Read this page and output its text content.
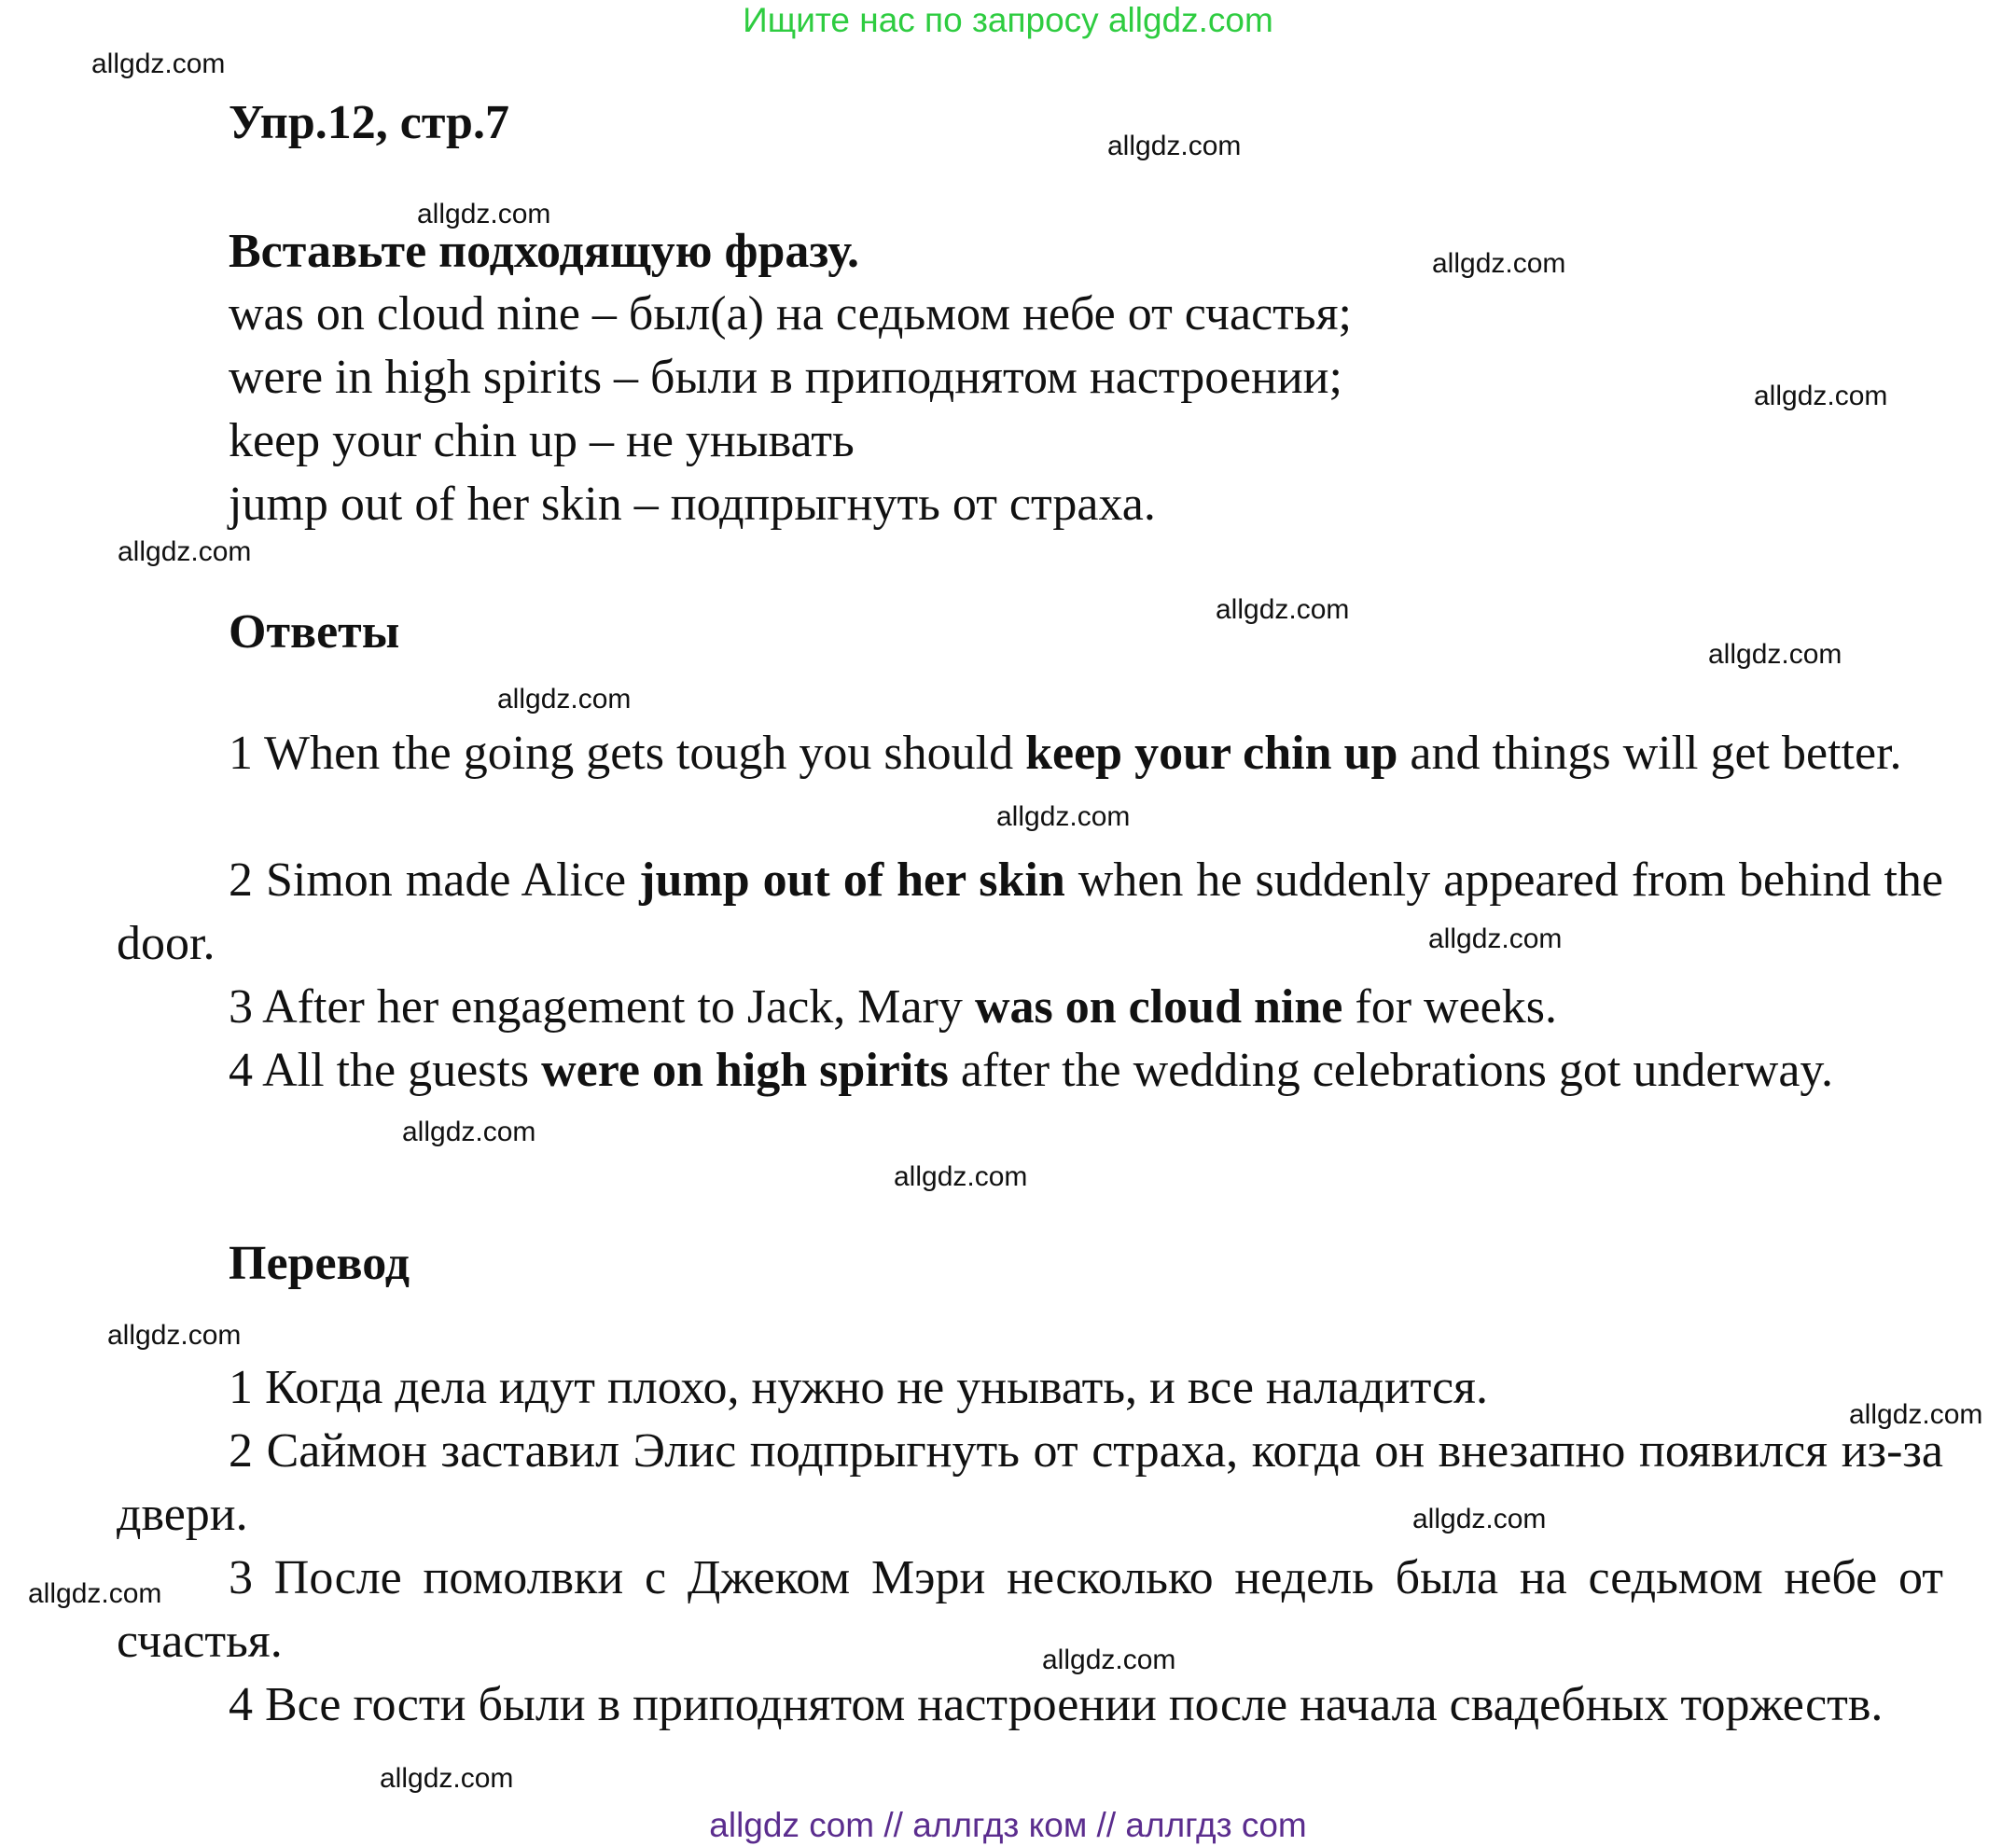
Ищите нас по запросу allgdz.com
allgdz.com
allgdz.com
allgdz.com
allgdz.com
allgdz.com
allgdz.com
allgdz.com
allgdz.com
allgdz.com
allgdz.com
allgdz.com
allgdz.com
allgdz.com
allgdz.com
allgdz.com
allgdz.com
allgdz.com
allgdz.com
allgdz.com
Упр.12, стр.7
Вставьте подходящую фразу.
was on cloud nine – был(а) на седьмом небе от счастья;
were in high spirits – были в приподнятом настроении;
keep your chin up – не унывать
jump out of her skin – подпрыгнуть от страха.
Ответы
1 When the going gets tough you should keep your chin up and things will get better.
2 Simon made Alice jump out of her skin when he suddenly appeared from behind the door.
3 After her engagement to Jack, Mary was on cloud nine for weeks.
4 All the guests were on high spirits after the wedding celebrations got underway.
Перевод
1 Когда дела идут плохо, нужно не унывать, и все наладится.
2 Саймон заставил Элис подпрыгнуть от страха, когда он внезапно появился из-за двери.
3 После помолвки с Джеком Мэри несколько недель была на седьмом небе от счастья.
4 Все гости были в приподнятом настроении после начала свадебных торжеств.
allgdz com // аллгдз ком // аллгдз com
